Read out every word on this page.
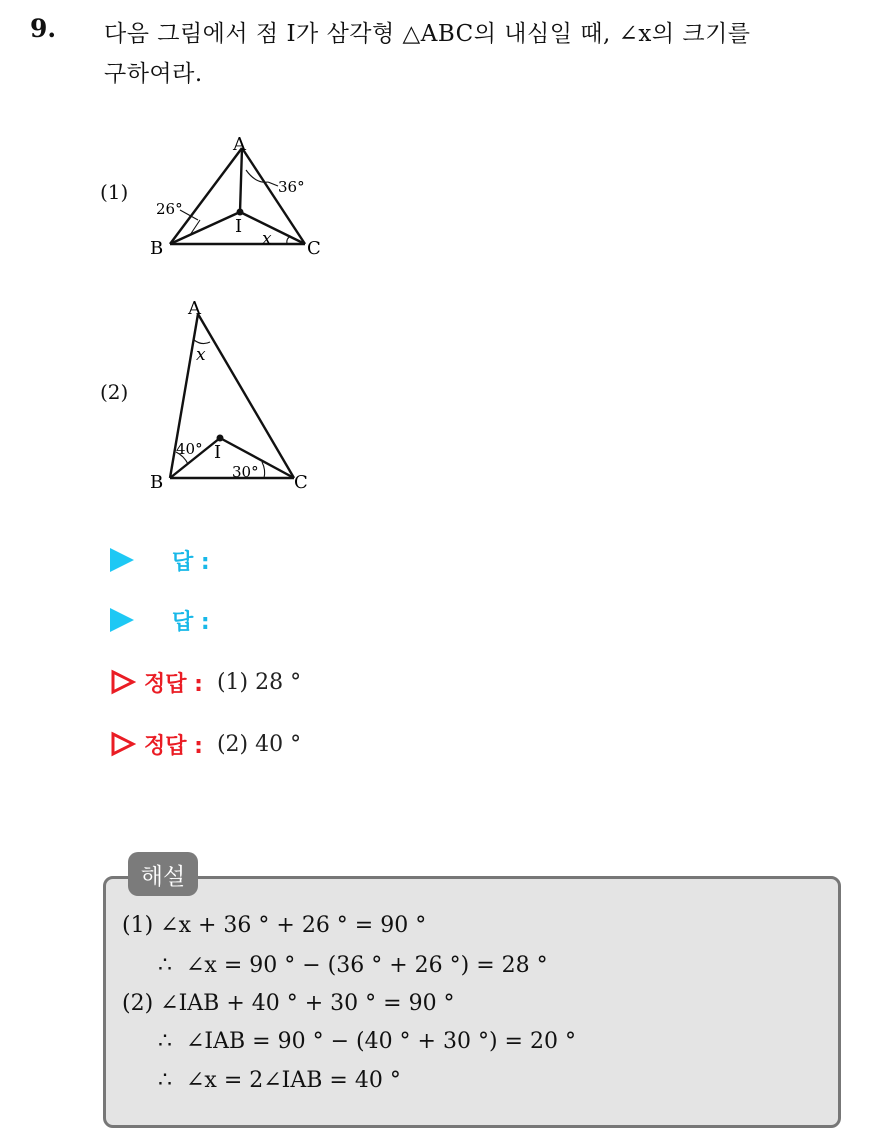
9. 다음 그림에서 점 I가 삼각형 △ABC의 내심일 때, ∠x의 크기를
구하여라.
(1)
A
B	C
I
36°
26°
x
(2)
A
B	C
I
x
40°
30°
답 :
답 :
정답 : (1) 28 °
정답 : (2) 40 °
해설
(1) ∠x + 36 ° + 26 ° = 90 °
∴  ∠x = 90 ° − (36 ° + 26 °) = 28 °
(2) ∠IAB + 40 ° + 30 ° = 90 °
∴  ∠IAB = 90 ° − (40 ° + 30 °) = 20 °
∴  ∠x = 2∠IAB = 40 °
